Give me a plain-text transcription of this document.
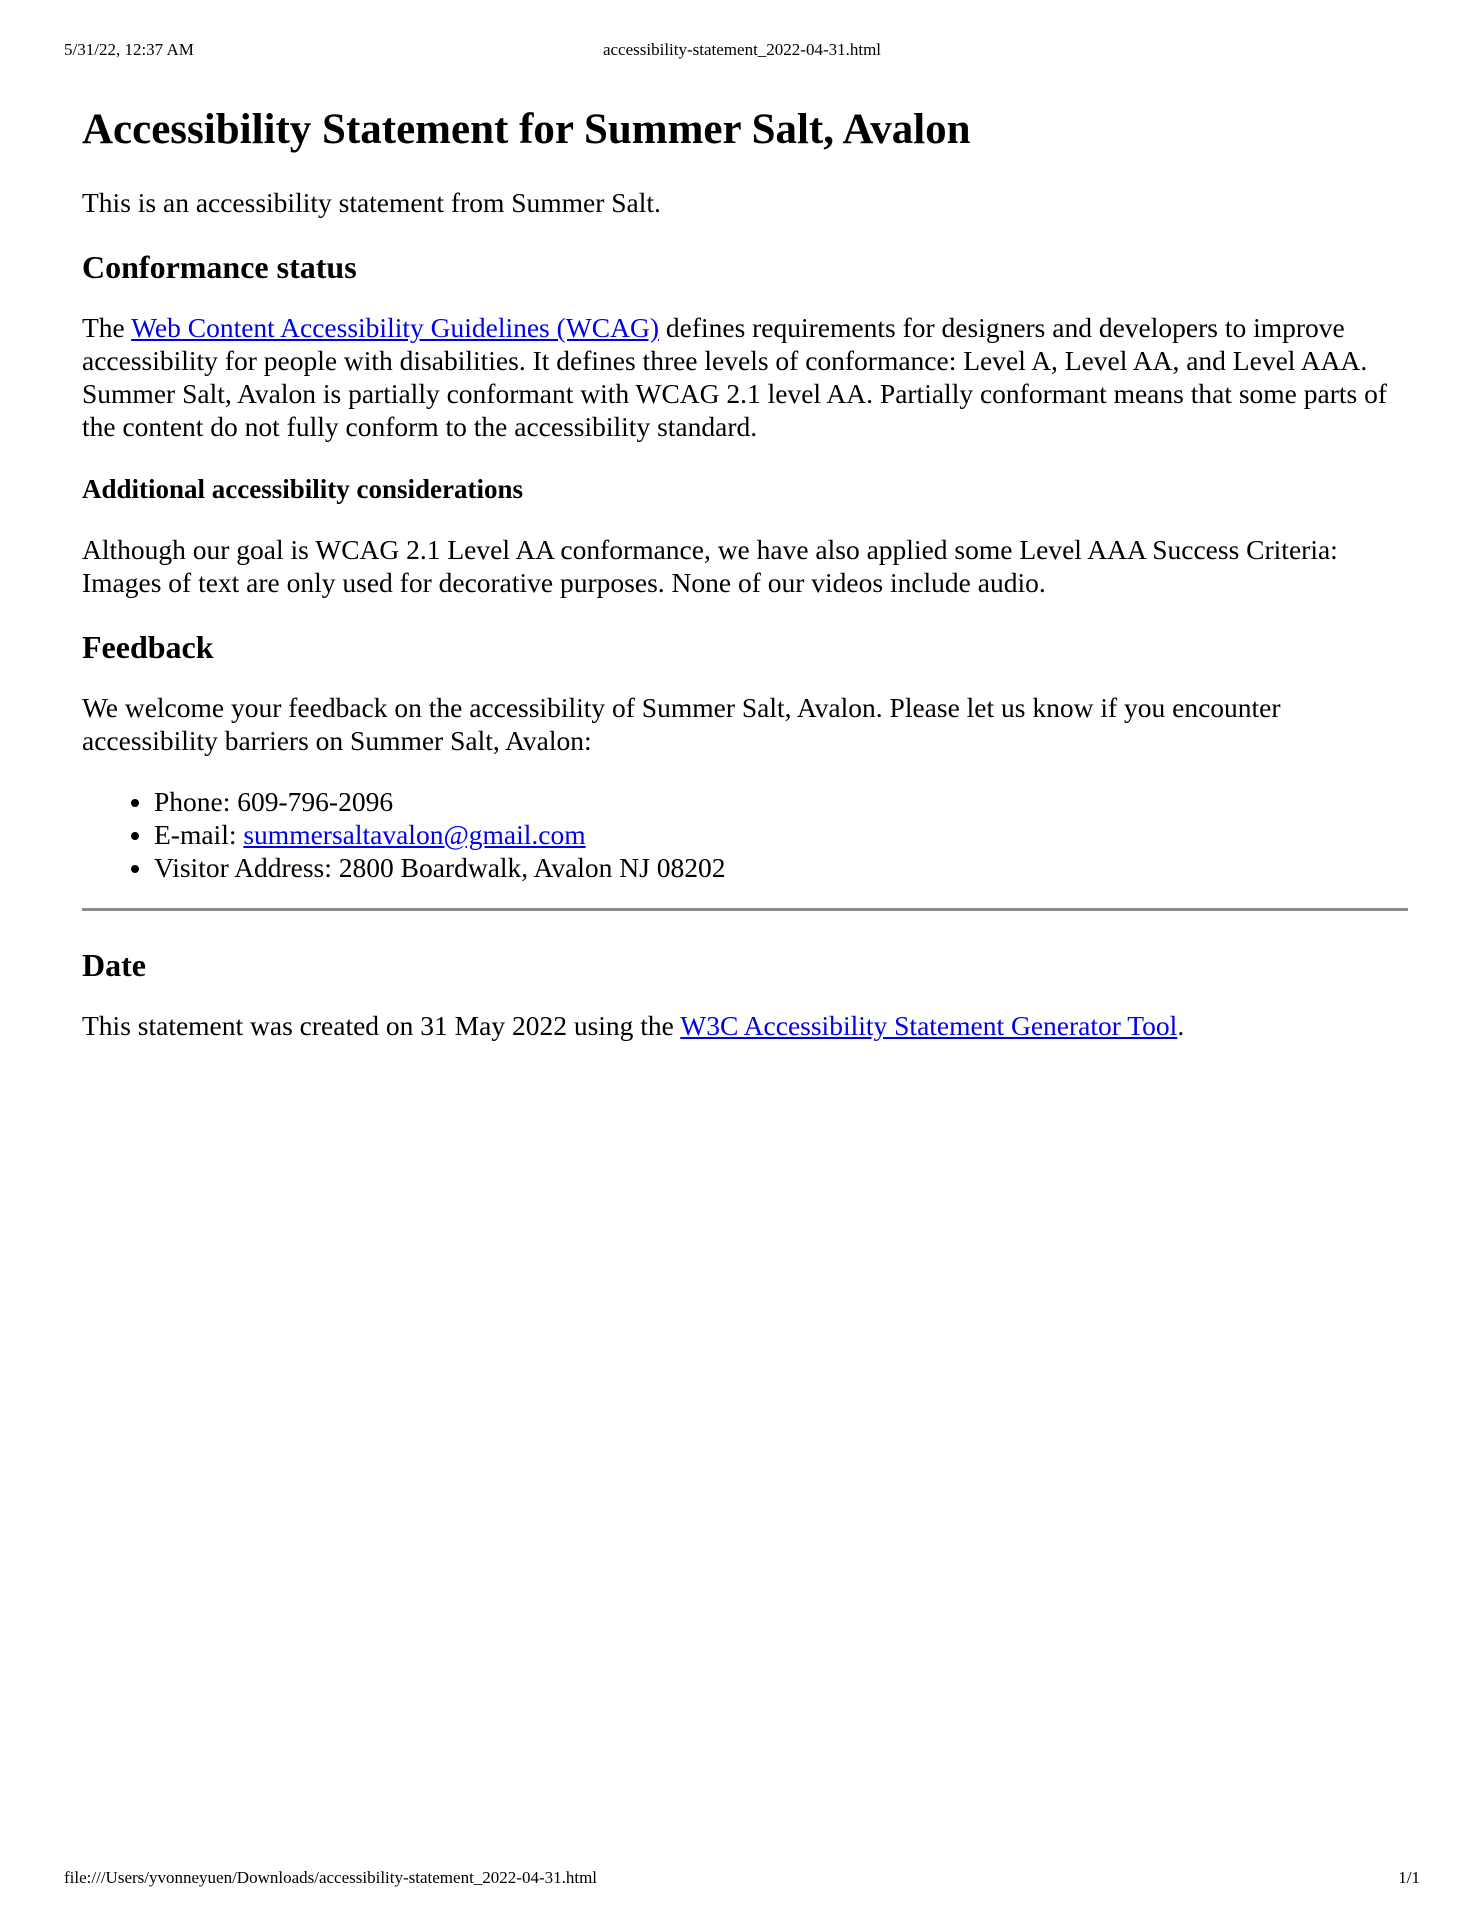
5/31/22, 12:37 AM	accessibility-statement_2022-04-31.html
Accessibility Statement for Summer Salt, Avalon

This is an accessibility statement from Summer Salt.

Conformance status

The Web Content Accessibility Guidelines (WCAG) defines requirements for designers and developers to improve accessibility for people with disabilities. It defines three levels of conformance: Level A, Level AA, and Level AAA. Summer Salt, Avalon is partially conformant with WCAG 2.1 level AA. Partially conformant means that some parts of the content do not fully conform to the accessibility standard.

Additional accessibility considerations

Although our goal is WCAG 2.1 Level AA conformance, we have also applied some Level AAA Success Criteria: Images of text are only used for decorative purposes. None of our videos include audio.

Feedback

We welcome your feedback on the accessibility of Summer Salt, Avalon. Please let us know if you encounter accessibility barriers on Summer Salt, Avalon:

• Phone: 609-796-2096
• E-mail: summersaltavalon@gmail.com
• Visitor Address: 2800 Boardwalk, Avalon NJ 08202
Date

This statement was created on 31 May 2022 using the W3C Accessibility Statement Generator Tool.

file:///Users/yvonneyuen/Downloads/accessibility-statement_2022-04-31.html	1/1
